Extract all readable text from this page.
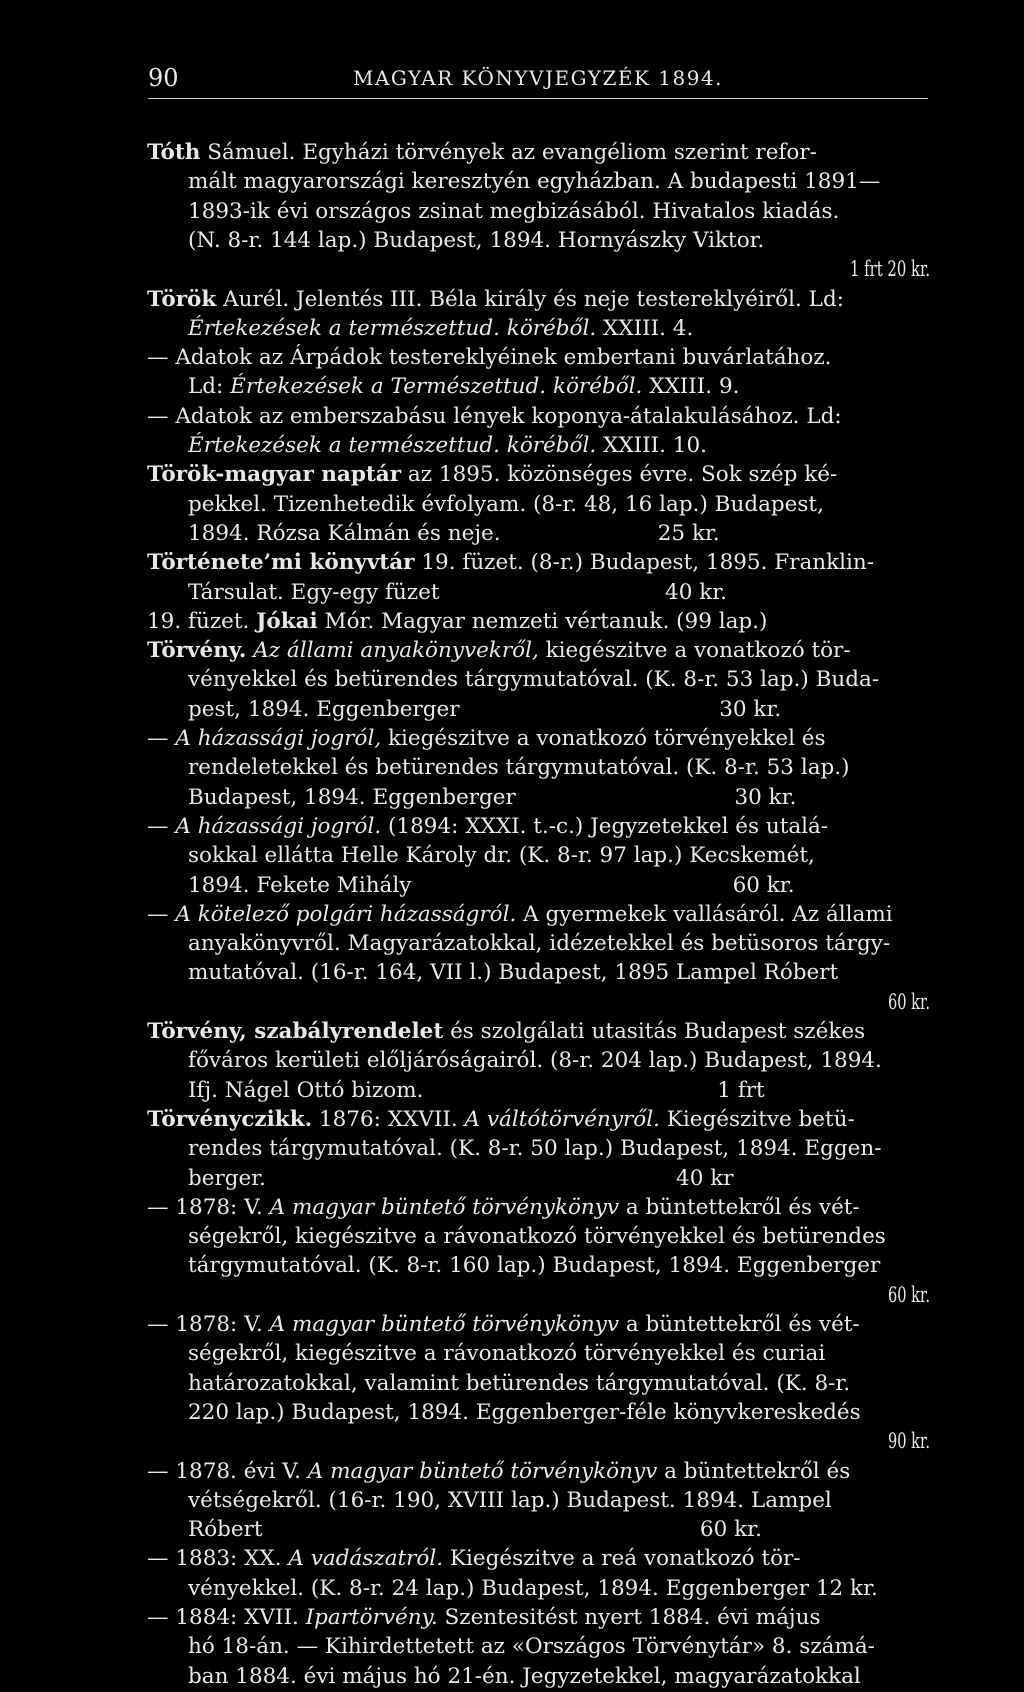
90	MAGYAR KÖNYVJEGYZÉK 1894.
Tóth Sámuel. Egyházi törvények az evangéliom szerint refor-
mált magyarországi keresztyén egyházban. A budapesti 1891—
1893-ik évi országos zsinat megbizásából. Hivatalos kiadás.
(N. 8-r. 144 lap.) Budapest, 1894. Hornyászky Viktor.
1 frt 20 kr.
Török Aurél. Jelentés III. Béla király és neje testereklyéiről. Ld:
Értekezések a természettud. köréből. XXIII. 4.
— Adatok az Árpádok testereklyéinek embertani buvárlatához.
Ld: Értekezések a Természettud. köréből. XXIII. 9.
— Adatok az emberszabásu lények koponya-átalakulásához. Ld:
Értekezések a természettud. köréből. XXIII. 10.
Török-magyar naptár az 1895. közönséges évre. Sok szép ké-
pekkel. Tizenhetedik évfolyam. (8-r. 48, 16 lap.) Budapest,
1894. Rózsa Kálmán és neje.                       25 kr.
Története’mi könyvtár 19. füzet. (8-r.) Budapest, 1895. Franklin-
Társulat. Egy-egy füzet                                 40 kr.
19. füzet. Jókai Mór. Magyar nemzeti vértanuk. (99 lap.)
Törvény. Az állami anyakönyvekről, kiegészitve a vonatkozó tör-
vényekkel és betürendes tárgymutatóval. (K. 8-r. 53 lap.) Buda-
pest, 1894. Eggenberger                                      30 kr.
— A házassági jogról, kiegészitve a vonatkozó törvényekkel és
rendeletekkel és betürendes tárgymutatóval. (K. 8-r. 53 lap.)
Budapest, 1894. Eggenberger                                30 kr.
— A házassági jogról. (1894: XXXI. t.-c.) Jegyzetekkel és utalá-
sokkal ellátta Helle Károly dr. (K. 8-r. 97 lap.) Kecskemét,
1894. Fekete Mihály                                               60 kr.
— A kötelező polgári házasságról. A gyermekek vallásáról. Az állami
anyakönyvről. Magyarázatokkal, idézetekkel és betüsoros tárgy-
mutatóval. (16-r. 164, VII l.) Budapest, 1895 Lampel Róbert
60 kr.
Törvény, szabályrendelet és szolgálati utasitás Budapest székes
főváros kerületi előljáróságairól. (8-r. 204 lap.) Budapest, 1894.
Ifj. Nágel Ottó bizom.                                           1 frt
Törvényczikk. 1876: XXVII. A váltótörvényről. Kiegészitve betü-
rendes tárgymutatóval. (K. 8-r. 50 lap.) Budapest, 1894. Eggen-
berger.                                                            40 kr
— 1878: V. A magyar büntető törvénykönyv a büntettekről és vét-
ségekről, kiegészitve a rávonatkozó törvényekkel és betürendes
tárgymutatóval. (K. 8-r. 160 lap.) Budapest, 1894. Eggenberger
60 kr.
— 1878: V. A magyar büntető törvénykönyv a büntettekről és vét-
ségekről, kiegészitve a rávonatkozó törvényekkel és curiai
határozatokkal, valamint betürendes tárgymutatóval. (K. 8-r.
220 lap.) Budapest, 1894. Eggenberger-féle könyvkereskedés
90 kr.
— 1878. évi V. A magyar büntető törvénykönyv a büntettekről és
vétségekről. (16-r. 190, XVIII lap.) Budapest. 1894. Lampel
Róbert                                                                60 kr.
— 1883: XX. A vadászatról. Kiegészitve a reá vonatkozó tör-
vényekkel. (K. 8-r. 24 lap.) Budapest, 1894. Eggenberger 12 kr.
— 1884: XVII. Ipartörvény. Szentesitést nyert 1884. évi május
hó 18-án. — Kihirdettetett az «Országos Törvénytár» 8. számá-
ban 1884. évi május hó 21-én. Jegyzetekkel, magyarázatokkal
